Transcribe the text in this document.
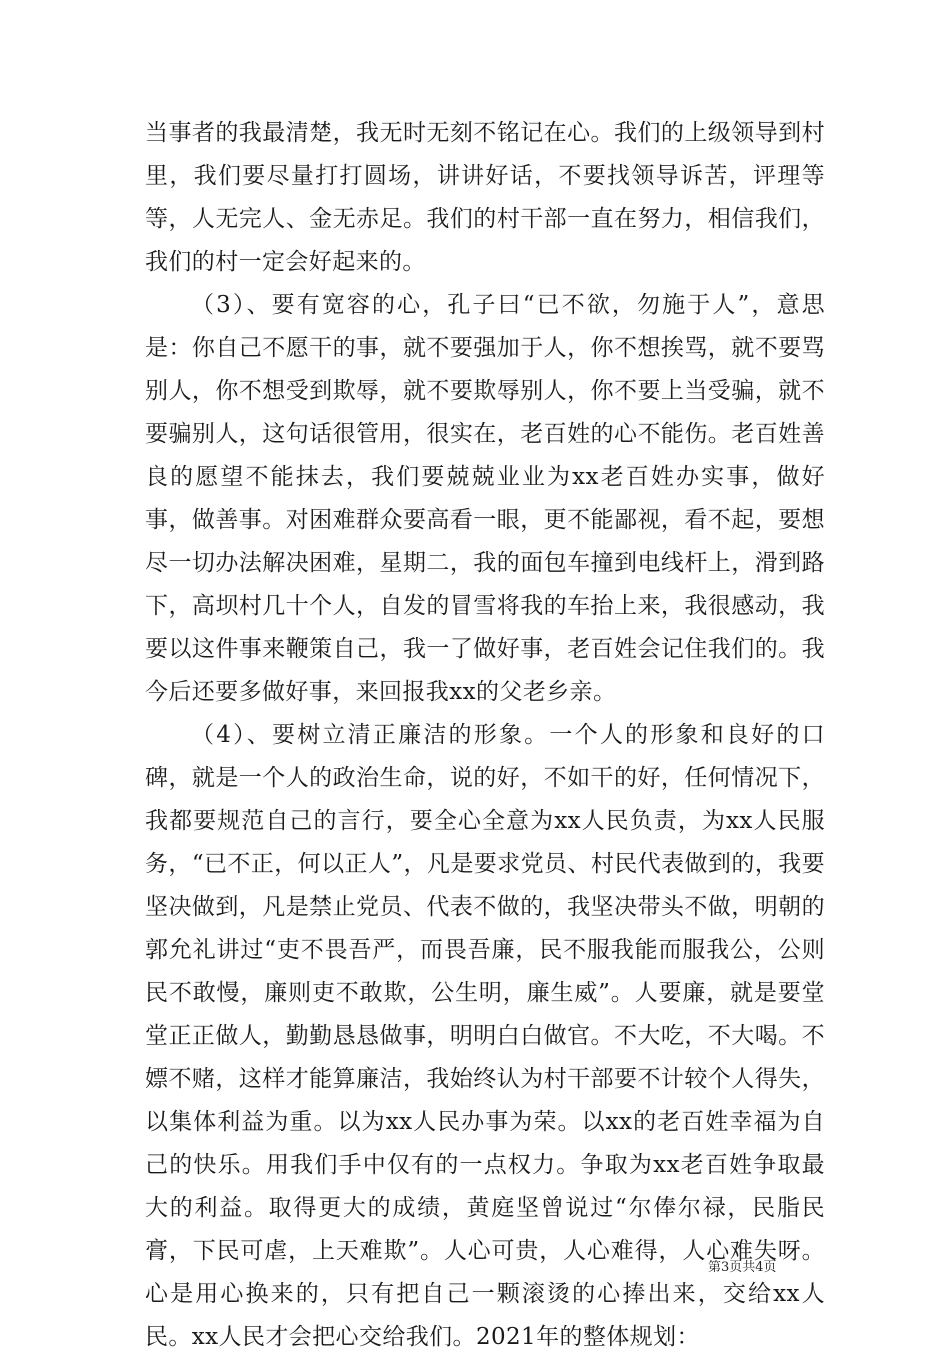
当事者的我最清楚，我无时无刻不铭记在心。我们的上级领导到村里，我们要尽量打打圆场，讲讲好话，不要找领导诉苦，评理等等，人无完人、金无赤足。我们的村干部一直在努力，相信我们，我们的村一定会好起来的。

（3）、要有宽容的心，孔子曰“已不欲，勿施于人”，意思是：你自己不愿干的事，就不要强加于人，你不想挨骂，就不要骂别人，你不想受到欺辱，就不要欺辱别人，你不要上当受骗，就不要骗别人，这句话很管用，很实在，老百姓的心不能伤。老百姓善良的愿望不能抹去，我们要兢兢业业为xx老百姓办实事，做好事，做善事。对困难群众要高看一眼，更不能鄙视，看不起，要想尽一切办法解决困难，星期二，我的面包车撞到电线杆上，滑到路下，高坝村几十个人，自发的冒雪将我的车抬上来，我很感动，我要以这件事来鞭策自己，我一了做好事，老百姓会记住我们的。我今后还要多做好事，来回报我xx的父老乡亲。

（4）、要树立清正廉洁的形象。一个人的形象和良好的口碑，就是一个人的政治生命，说的好，不如干的好，任何情况下，我都要规范自己的言行，要全心全意为xx人民负责，为xx人民服务，“已不正，何以正人”，凡是要求党员、村民代表做到的，我要坚决做到，凡是禁止党员、代表不做的，我坚决带头不做，明朝的郭允礼讲过“吏不畏吾严，而畏吾廉，民不服我能而服我公，公则民不敢慢，廉则吏不敢欺，公生明，廉生威”。人要廉，就是要堂堂正正做人，勤勤恳恳做事，明明白白做官。不大吃，不大喝。不嫖不赌，这样才能算廉洁，我始终认为村干部要不计较个人得失，以集体利益为重。以为xx人民办事为荣。以xx的老百姓幸福为自己的快乐。用我们手中仅有的一点权力。争取为xx老百姓争取最大的利益。取得更大的成绩，黄庭坚曾说过“尔俸尔禄，民脂民膏，下民可虐，上天难欺”。人心可贵，人心难得，人心难失呀。心是用心换来的，只有把自己一颗滚烫的心捧出来，交给xx人民。xx人民才会把心交给我们。2021年的整体规划：

第3页共4页
